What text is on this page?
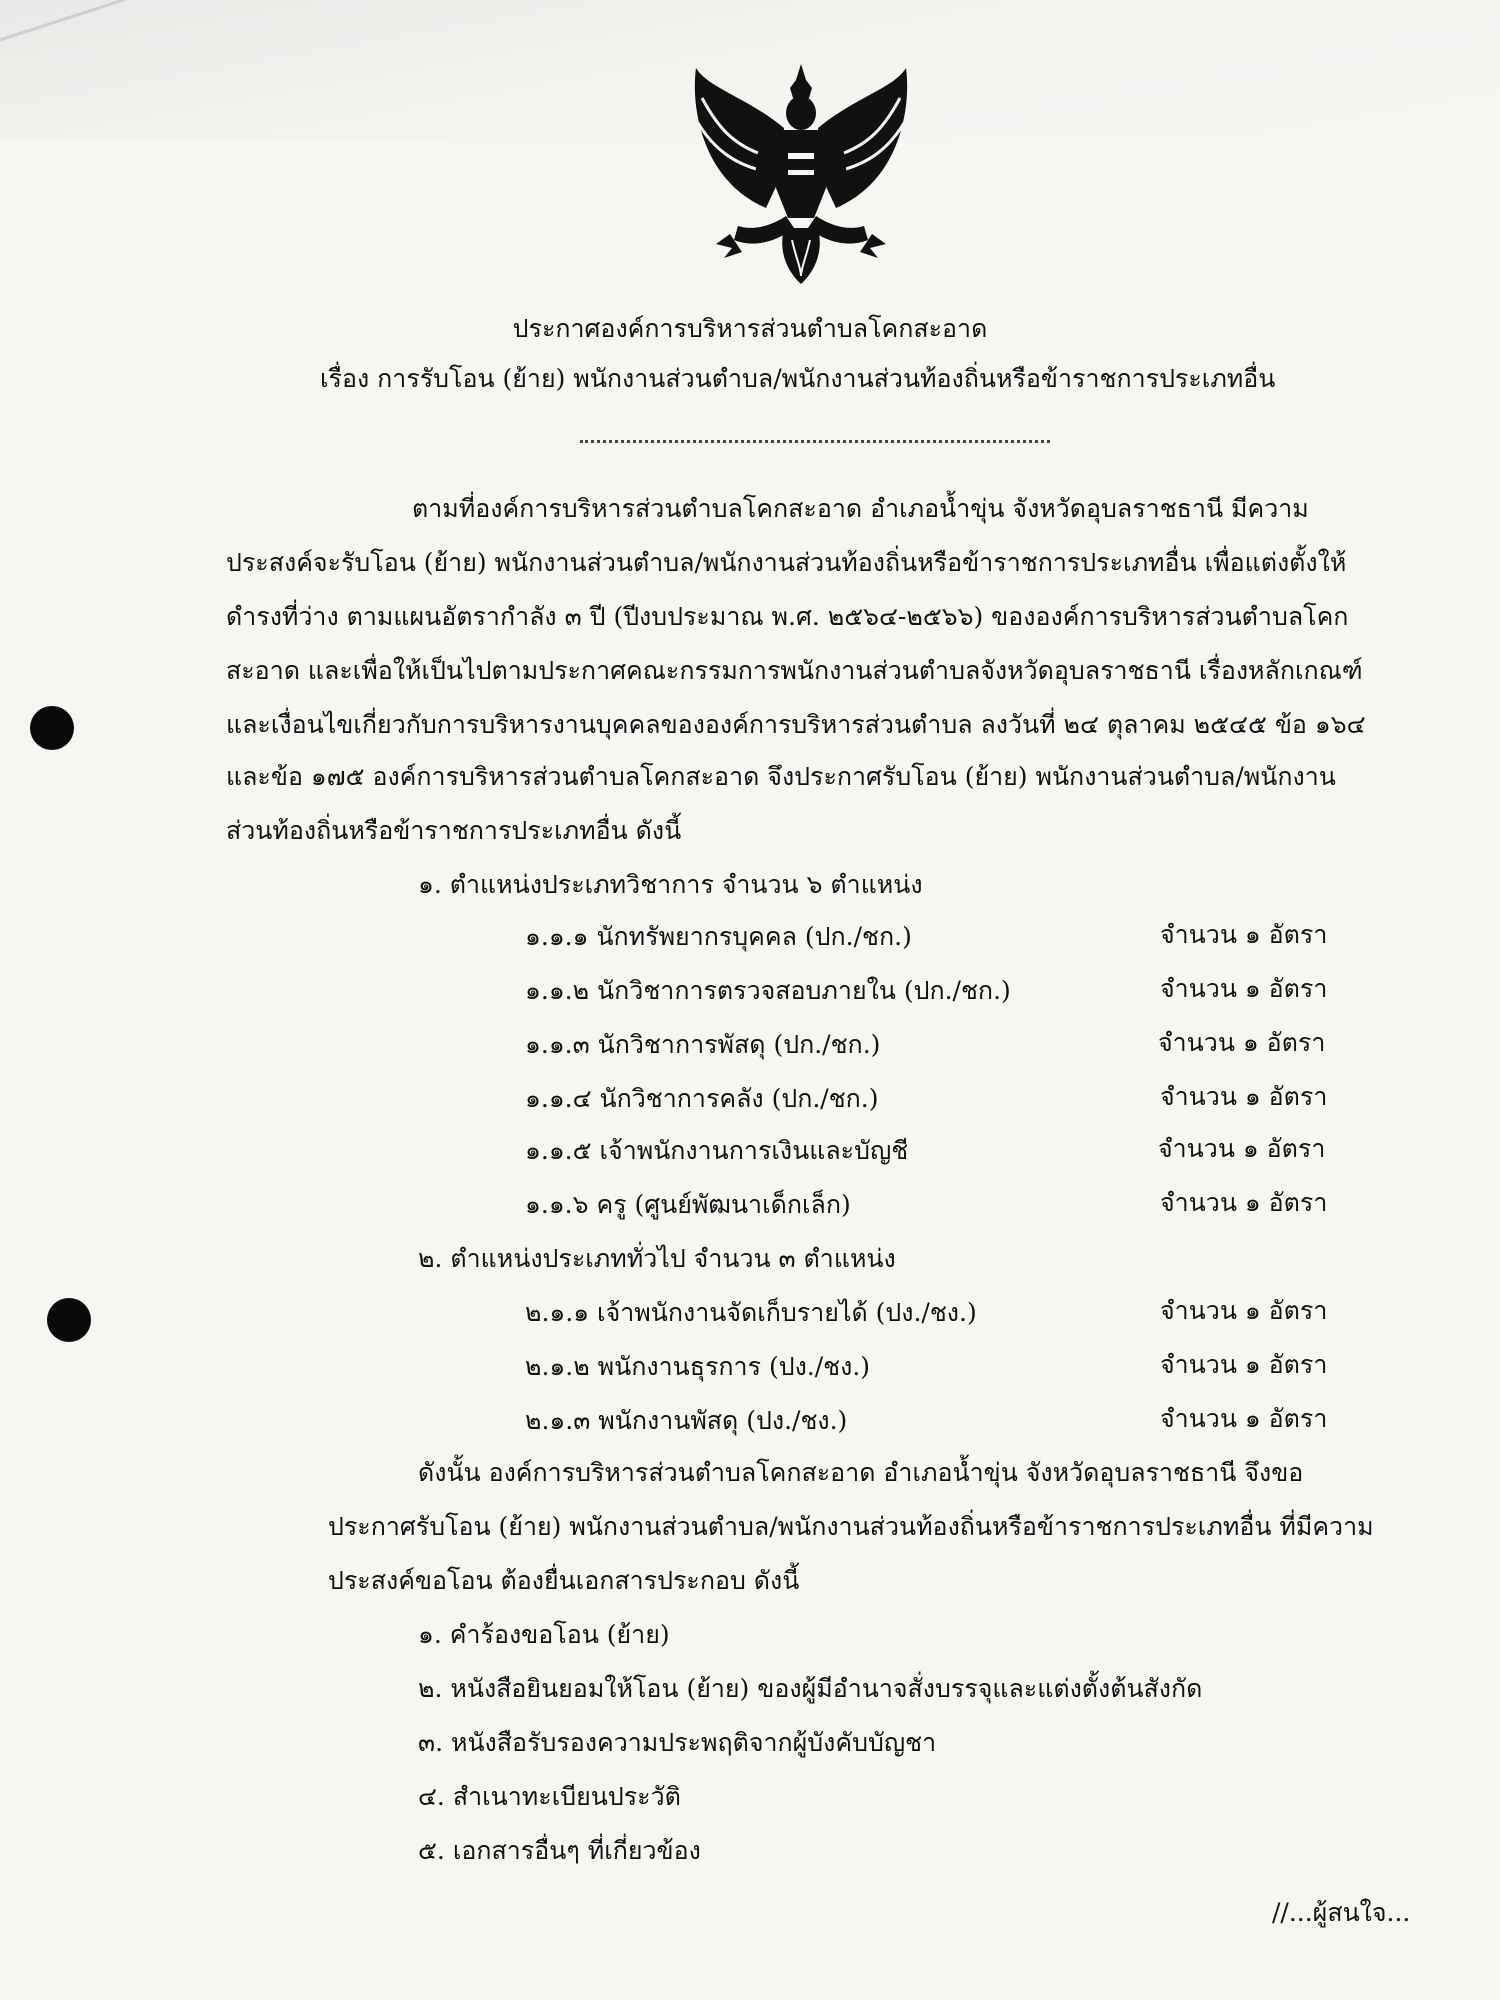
ประกาศองค์การบริหารส่วนตำบลโคกสะอาด
เรื่อง การรับโอน (ย้าย) พนักงานส่วนตำบล/พนักงานส่วนท้องถิ่นหรือข้าราชการประเภทอื่น
ตามที่องค์การบริหารส่วนตำบลโคกสะอาด อำเภอน้ำขุ่น จังหวัดอุบลราชธานี มีความ
ประสงค์จะรับโอน (ย้าย) พนักงานส่วนตำบล/พนักงานส่วนท้องถิ่นหรือข้าราชการประเภทอื่น เพื่อแต่งตั้งให้
ดำรงที่ว่าง ตามแผนอัตรากำลัง ๓ ปี (ปีงบประมาณ พ.ศ. ๒๕๖๔-๒๕๖๖) ขององค์การบริหารส่วนตำบลโคก
สะอาด และเพื่อให้เป็นไปตามประกาศคณะกรรมการพนักงานส่วนตำบลจังหวัดอุบลราชธานี เรื่องหลักเกณฑ์
และเงื่อนไขเกี่ยวกับการบริหารงานบุคคลขององค์การบริหารส่วนตำบล ลงวันที่ ๒๔ ตุลาคม ๒๕๔๕ ข้อ ๑๖๔
และข้อ ๑๗๕ องค์การบริหารส่วนตำบลโคกสะอาด จึงประกาศรับโอน (ย้าย) พนักงานส่วนตำบล/พนักงาน
ส่วนท้องถิ่นหรือข้าราชการประเภทอื่น ดังนี้
๑. ตำแหน่งประเภทวิชาการ จำนวน ๖ ตำแหน่ง
๑.๑.๑ นักทรัพยากรบุคคล (ปก./ชก.)	จำนวน ๑ อัตรา
๑.๑.๒ นักวิชาการตรวจสอบภายใน (ปก./ชก.)	จำนวน ๑ อัตรา
๑.๑.๓ นักวิชาการพัสดุ (ปก./ชก.)	จำนวน ๑ อัตรา
๑.๑.๔ นักวิชาการคลัง (ปก./ชก.)	จำนวน ๑ อัตรา
๑.๑.๕ เจ้าพนักงานการเงินและบัญชี	จำนวน ๑ อัตรา
๑.๑.๖ ครู (ศูนย์พัฒนาเด็กเล็ก)	จำนวน ๑ อัตรา
๒. ตำแหน่งประเภททั่วไป จำนวน ๓ ตำแหน่ง
๒.๑.๑ เจ้าพนักงานจัดเก็บรายได้ (ปง./ชง.)	จำนวน ๑ อัตรา
๒.๑.๒ พนักงานธุรการ (ปง./ชง.)	จำนวน ๑ อัตรา
๒.๑.๓ พนักงานพัสดุ (ปง./ชง.)	จำนวน ๑ อัตรา
ดังนั้น องค์การบริหารส่วนตำบลโคกสะอาด อำเภอน้ำขุ่น จังหวัดอุบลราชธานี จึงขอ
ประกาศรับโอน (ย้าย) พนักงานส่วนตำบล/พนักงานส่วนท้องถิ่นหรือข้าราชการประเภทอื่น ที่มีความ
ประสงค์ขอโอน ต้องยื่นเอกสารประกอบ ดังนี้
๑. คำร้องขอโอน (ย้าย)
๒. หนังสือยินยอมให้โอน (ย้าย) ของผู้มีอำนาจสั่งบรรจุและแต่งตั้งต้นสังกัด
๓. หนังสือรับรองความประพฤติจากผู้บังคับบัญชา
๔. สำเนาทะเบียนประวัติ
๕. เอกสารอื่นๆ ที่เกี่ยวข้อง
//...ผู้สนใจ...
